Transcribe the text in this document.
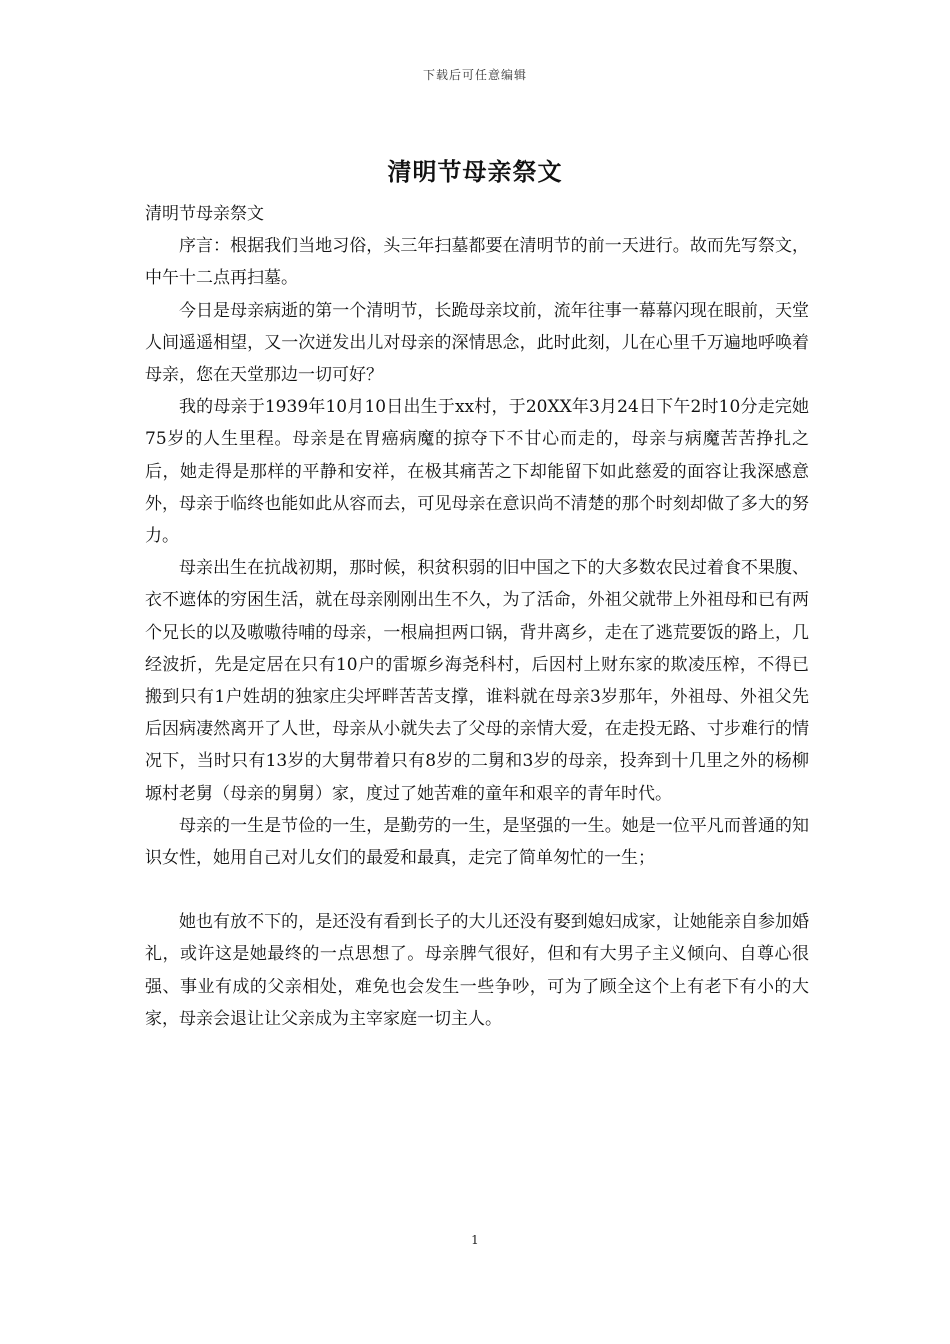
下载后可任意编辑
清明节母亲祭文

清明节母亲祭文

序言：根据我们当地习俗，头三年扫墓都要在清明节的前一天进行。故而先写祭文，中午十二点再扫墓。

今日是母亲病逝的第一个清明节，长跪母亲坟前，流年往事一幕幕闪现在眼前，天堂人间遥遥相望，又一次迸发出儿对母亲的深情思念，此时此刻，儿在心里千万遍地呼唤着母亲，您在天堂那边一切可好？

我的母亲于1939年10月10日出生于xx村，于20XX年3月24日下午2时10分走完她75岁的人生里程。母亲是在胃癌病魔的掠夺下不甘心而走的，母亲与病魔苦苦挣扎之后，她走得是那样的平静和安祥，在极其痛苦之下却能留下如此慈爱的面容让我深感意外，母亲于临终也能如此从容而去，可见母亲在意识尚不清楚的那个时刻却做了多大的努力。

母亲出生在抗战初期，那时候，积贫积弱的旧中国之下的大多数农民过着食不果腹、衣不遮体的穷困生活，就在母亲刚刚出生不久，为了活命，外祖父就带上外祖母和已有两个兄长的以及嗷嗷待哺的母亲，一根扁担两口锅，背井离乡，走在了逃荒要饭的路上，几经波折，先是定居在只有10户的雷塬乡海尧科村，后因村上财东家的欺凌压榨，不得已搬到只有1户姓胡的独家庄尖坪畔苦苦支撑，谁料就在母亲3岁那年，外祖母、外祖父先后因病凄然离开了人世，母亲从小就失去了父母的亲情大爱，在走投无路、寸步难行的情况下，当时只有13岁的大舅带着只有8岁的二舅和3岁的母亲，投奔到十几里之外的杨柳塬村老舅（母亲的舅舅）家，度过了她苦难的童年和艰辛的青年时代。

母亲的一生是节俭的一生，是勤劳的一生，是坚强的一生。她是一位平凡而普通的知识女性，她用自己对儿女们的最爱和最真，走完了简单匆忙的一生；

她也有放不下的，是还没有看到长子的大儿还没有娶到媳妇成家，让她能亲自参加婚礼，或许这是她最终的一点思想了。母亲脾气很好，但和有大男子主义倾向、自尊心很强、事业有成的父亲相处，难免也会发生一些争吵，可为了顾全这个上有老下有小的大家，母亲会退让让父亲成为主宰家庭一切主人。

1
